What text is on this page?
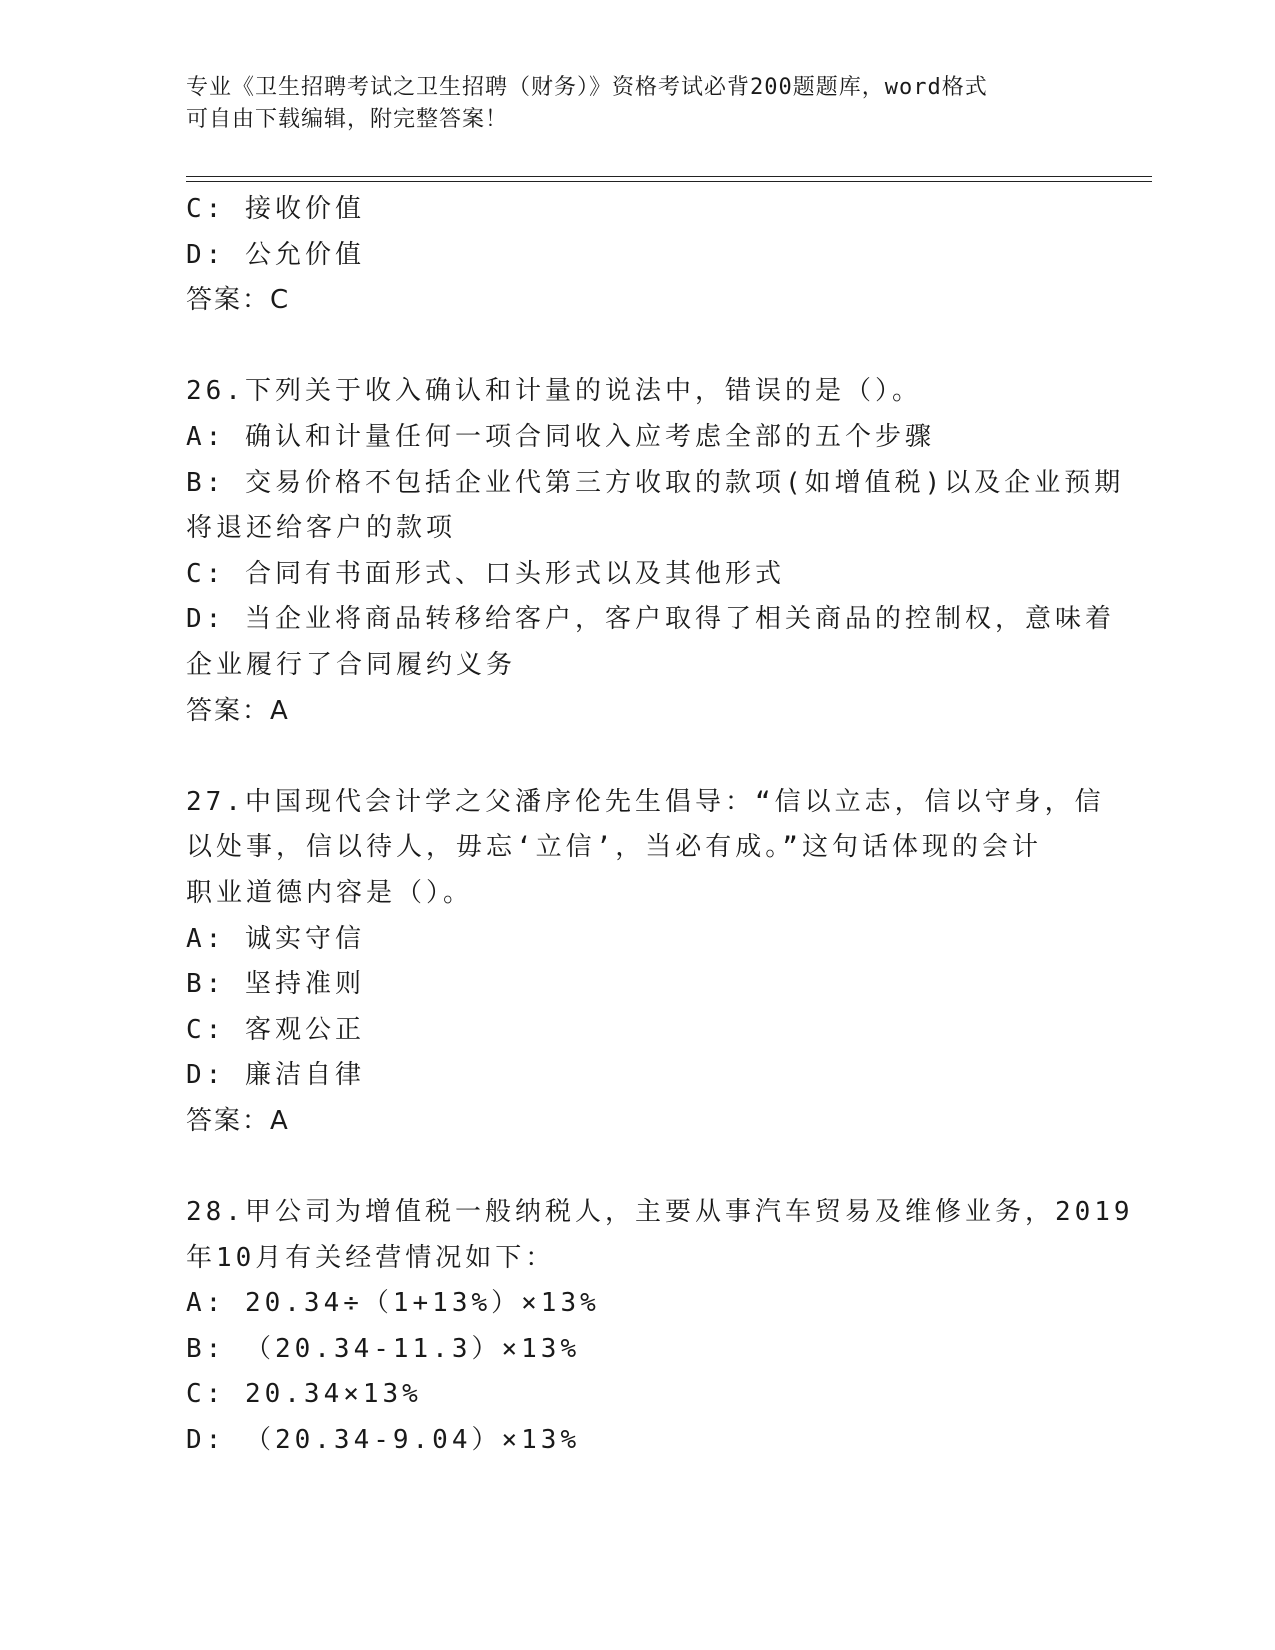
专业《卫生招聘考试之卫生招聘（财务）》资格考试必背200题题库，word格式
可自由下载编辑，附完整答案！
C: 接收价值
D: 公允价值
答案：C
26.下列关于收入确认和计量的说法中，错误的是（）。
A: 确认和计量任何一项合同收入应考虑全部的五个步骤
B: 交易价格不包括企业代第三方收取的款项(如增值税)以及企业预期
将退还给客户的款项
C: 合同有书面形式、口头形式以及其他形式
D: 当企业将商品转移给客户，客户取得了相关商品的控制权，意味着
企业履行了合同履约义务
答案：A
27.中国现代会计学之父潘序伦先生倡导：“信以立志，信以守身，信
以处事，信以待人，毋忘‘立信’，当必有成。”这句话体现的会计
职业道德内容是（）。
A: 诚实守信
B: 坚持准则
C: 客观公正
D: 廉洁自律
答案：A
28.甲公司为增值税一般纳税人，主要从事汽车贸易及维修业务，2019
年10月有关经营情况如下：
A: 20.34÷（1+13%）×13%
B: （20.34-11.3）×13%
C: 20.34×13%
D: （20.34-9.04）×13%
